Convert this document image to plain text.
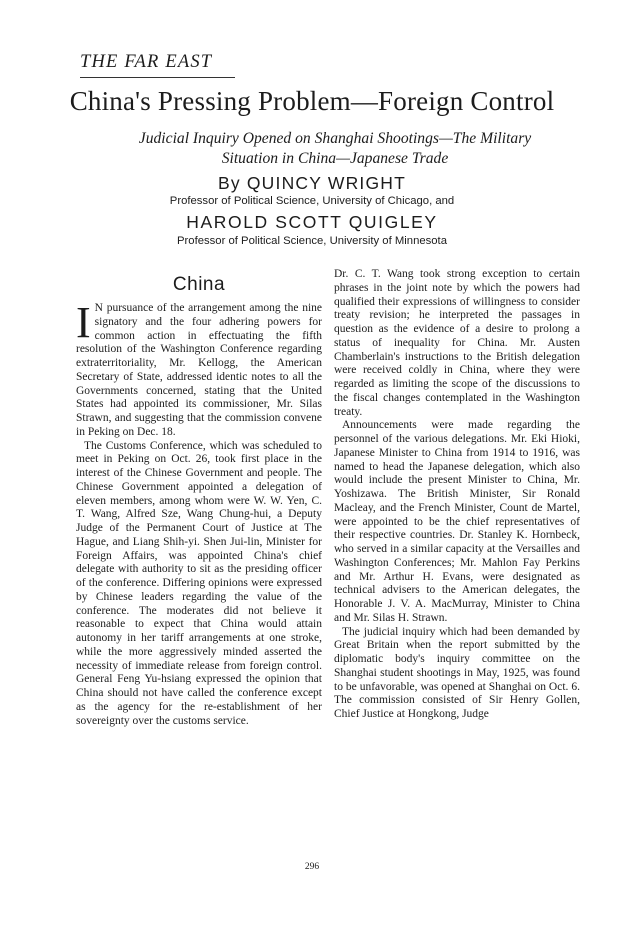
THE FAR EAST
China's Pressing Problem—Foreign Control
Judicial Inquiry Opened on Shanghai Shootings—The Military
Situation in China—Japanese Trade
By QUINCY WRIGHT
Professor of Political Science, University of Chicago, and
HAROLD SCOTT QUIGLEY
Professor of Political Science, University of Minnesota
China

I N pursuance of the arrangement among the nine signatory and the four adhering powers for common action in effectuating the fifth resolution of the Washington Conference regarding extraterritoriality, Mr. Kellogg, the American Secretary of State, addressed identic notes to all the Governments concerned, stating that the United States had appointed its commissioner, Mr. Silas Strawn, and suggesting that the commission convene in Peking on Dec. 18.

The Customs Conference, which was scheduled to meet in Peking on Oct. 26, took first place in the interest of the Chinese Government and people. The Chinese Government appointed a delegation of eleven members, among whom were W. W. Yen, C. T. Wang, Alfred Sze, Wang Chung-hui, a Deputy Judge of the Permanent Court of Justice at The Hague, and Liang Shih-yi. Shen Jui-lin, Minister for Foreign Affairs, was appointed China's chief delegate with authority to sit as the presiding officer of the conference. Differing opinions were expressed by Chinese leaders regarding the value of the conference. The moderates did not believe it reasonable to expect that China would attain autonomy in her tariff arrangements at one stroke, while the more aggressively minded asserted the necessity of immediate release from foreign control. General Feng Yu-hsiang expressed the opinion that China should not have called the conference except as the agency for the re-establishment of her sovereignty over the customs service.

Dr. C. T. Wang took strong exception to certain phrases in the joint note by which the powers had qualified their expressions of willingness to consider treaty revision; he interpreted the passages in question as the evidence of a desire to prolong a status of inequality for China. Mr. Austen Chamberlain's instructions to the British delegation were received coldly in China, where they were regarded as limiting the scope of the discussions to the fiscal changes contemplated in the Washington treaty.

Announcements were made regarding the personnel of the various delegations. Mr. Eki Hioki, Japanese Minister to China from 1914 to 1916, was named to head the Japanese delegation, which also would include the present Minister to China, Mr. Yoshizawa. The British Minister, Sir Ronald Macleay, and the French Minister, Count de Martel, were appointed to be the chief representatives of their respective countries. Dr. Stanley K. Hornbeck, who served in a similar capacity at the Versailles and Washington Conferences; Mr. Mahlon Fay Perkins and Mr. Arthur H. Evans, were designated as technical advisers to the American delegates, the Honorable J. V. A. MacMurray, Minister to China and Mr. Silas H. Strawn.

The judicial inquiry which had been demanded by Great Britain when the report submitted by the diplomatic body's inquiry committee on the Shanghai student shootings in May, 1925, was found to be unfavorable, was opened at Shanghai on Oct. 6. The commission consisted of Sir Henry Gollen, Chief Justice at Hongkong, Judge

296
